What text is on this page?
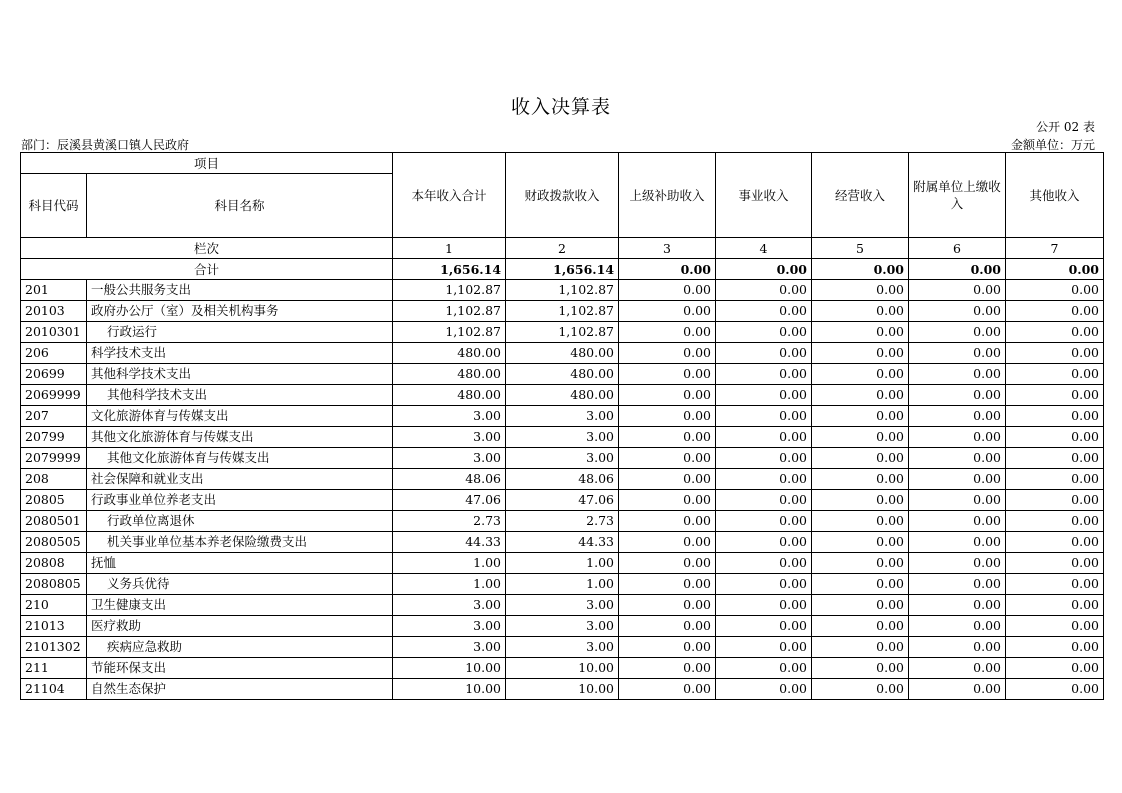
收入决算表
公开 02 表
部门：辰溪县黄溪口镇人民政府	金额单位：万元
项目		本年收入合计	财政拨款收入	上级补助收入	事业收入	经营收入	附属单位上缴收入	其他收入
科目代码	科目名称							
栏次		1	2	3	4	5	6	7
合计		1,656.14	1,656.14	0.00	0.00	0.00	0.00	0.00
201	一般公共服务支出	1,102.87	1,102.87	0.00	0.00	0.00	0.00	0.00
20103	政府办公厅（室）及相关机构事务	1,102.87	1,102.87	0.00	0.00	0.00	0.00	0.00
2010301	行政运行	1,102.87	1,102.87	0.00	0.00	0.00	0.00	0.00
206	科学技术支出	480.00	480.00	0.00	0.00	0.00	0.00	0.00
20699	其他科学技术支出	480.00	480.00	0.00	0.00	0.00	0.00	0.00
2069999	其他科学技术支出	480.00	480.00	0.00	0.00	0.00	0.00	0.00
207	文化旅游体育与传媒支出	3.00	3.00	0.00	0.00	0.00	0.00	0.00
20799	其他文化旅游体育与传媒支出	3.00	3.00	0.00	0.00	0.00	0.00	0.00
2079999	其他文化旅游体育与传媒支出	3.00	3.00	0.00	0.00	0.00	0.00	0.00
208	社会保障和就业支出	48.06	48.06	0.00	0.00	0.00	0.00	0.00
20805	行政事业单位养老支出	47.06	47.06	0.00	0.00	0.00	0.00	0.00
2080501	行政单位离退休	2.73	2.73	0.00	0.00	0.00	0.00	0.00
2080505	机关事业单位基本养老保险缴费支出	44.33	44.33	0.00	0.00	0.00	0.00	0.00
20808	抚恤	1.00	1.00	0.00	0.00	0.00	0.00	0.00
2080805	义务兵优待	1.00	1.00	0.00	0.00	0.00	0.00	0.00
210	卫生健康支出	3.00	3.00	0.00	0.00	0.00	0.00	0.00
21013	医疗救助	3.00	3.00	0.00	0.00	0.00	0.00	0.00
2101302	疾病应急救助	3.00	3.00	0.00	0.00	0.00	0.00	0.00
211	节能环保支出	10.00	10.00	0.00	0.00	0.00	0.00	0.00
21104	自然生态保护	10.00	10.00	0.00	0.00	0.00	0.00	0.00
